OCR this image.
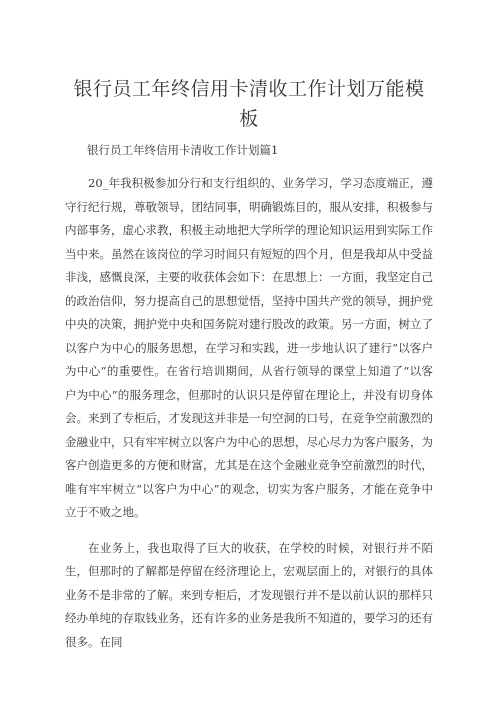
银行员工年终信用卡清收工作计划万能模板
银行员工年终信用卡清收工作计划篇1

20_年我积极参加分行和支行组织的、业务学习，学习态度端正，遵守行纪行规，尊敬领导，团结同事，明确锻炼目的，服从安排，积极参与内部事务，虚心求教，积极主动地把大学所学的理论知识运用到实际工作当中来。虽然在该岗位的学习时间只有短短的四个月，但是我却从中受益非浅，感慨良深，主要的收获体会如下：在思想上：一方面，我坚定自己的政治信仰，努力提高自己的思想觉悟，坚持中国共产党的领导，拥护党中央的决策，拥护党中央和国务院对建行股改的政策。另一方面，树立了以客户为中心的服务思想，在学习和实践，进一步地认识了建行“以客户为中心”的重要性。在省行培训期间，从省行领导的课堂上知道了“以客户为中心”的服务理念，但那时的认识只是停留在理论上，并没有切身体会。来到了专柜后，才发现这并非是一句空洞的口号，在竞争空前激烈的金融业中，只有牢牢树立以客户为中心的思想，尽心尽力为客户服务，为客户创造更多的方便和财富，尤其是在这个金融业竞争空前激烈的时代，唯有牢牢树立“以客户为中心”的观念，切实为客户服务，才能在竞争中立于不败之地。

在业务上，我也取得了巨大的收获，在学校的时候，对银行并不陌生，但那时的了解都是停留在经济理论上，宏观层面上的，对银行的具体业务不是非常的了解。来到专柜后，才发现银行并不是以前认识的那样只经办单纯的存取钱业务，还有许多的业务是我所不知道的，要学习的还有很多。在同
